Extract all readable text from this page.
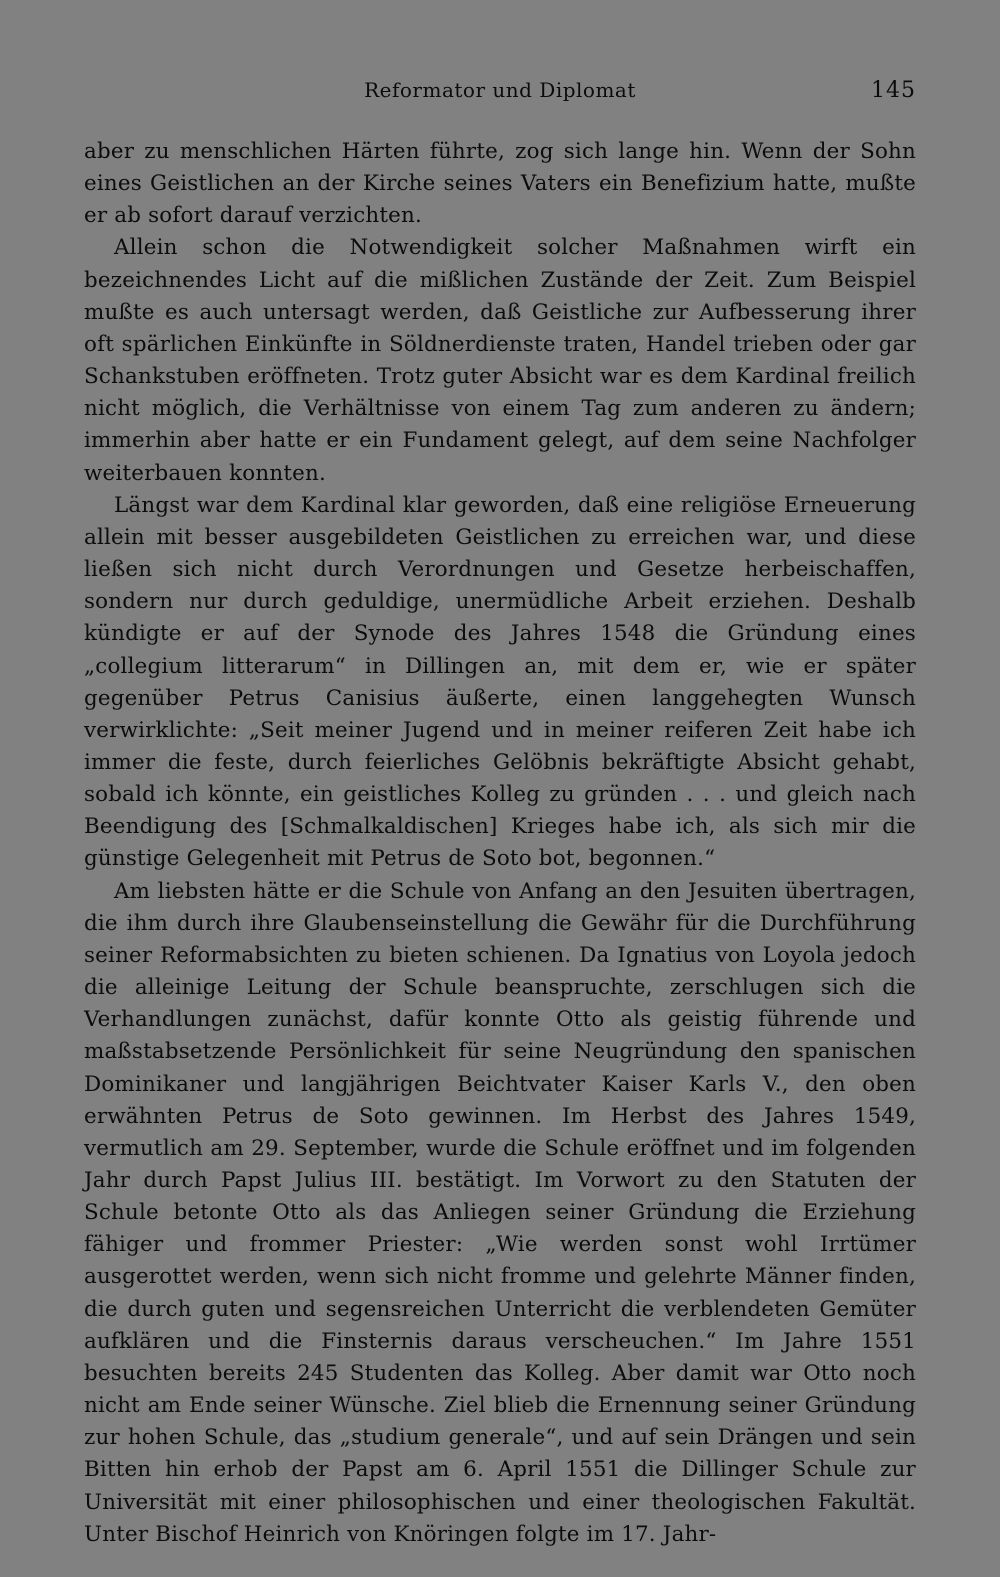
Reformator und Diplomat	145

aber zu menschlichen Härten führte, zog sich lange hin. Wenn der Sohn eines Geistlichen an der Kirche seines Vaters ein Benefizium hatte, mußte er ab sofort darauf verzichten.

Allein schon die Notwendigkeit solcher Maßnahmen wirft ein bezeichnendes Licht auf die mißlichen Zustände der Zeit. Zum Beispiel mußte es auch untersagt werden, daß Geistliche zur Aufbesserung ihrer oft spärlichen Einkünfte in Söldnerdienste traten, Handel trieben oder gar Schankstuben eröffneten. Trotz guter Absicht war es dem Kardinal freilich nicht möglich, die Verhältnisse von einem Tag zum anderen zu ändern; immerhin aber hatte er ein Fundament gelegt, auf dem seine Nachfolger weiterbauen konnten.

Längst war dem Kardinal klar geworden, daß eine religiöse Erneuerung allein mit besser ausgebildeten Geistlichen zu erreichen war, und diese ließen sich nicht durch Verordnungen und Gesetze herbeischaffen, sondern nur durch geduldige, unermüdliche Arbeit erziehen. Deshalb kündigte er auf der Synode des Jahres 1548 die Gründung eines „collegium litterarum“ in Dillingen an, mit dem er, wie er später gegenüber Petrus Canisius äußerte, einen langgehegten Wunsch verwirklichte: „Seit meiner Jugend und in meiner reiferen Zeit habe ich immer die feste, durch feierliches Gelöbnis bekräftigte Absicht gehabt, sobald ich könnte, ein geistliches Kolleg zu gründen . . . und gleich nach Beendigung des [Schmalkaldischen] Krieges habe ich, als sich mir die günstige Gelegenheit mit Petrus de Soto bot, begonnen.“

Am liebsten hätte er die Schule von Anfang an den Jesuiten übertragen, die ihm durch ihre Glaubenseinstellung die Gewähr für die Durchführung seiner Reformabsichten zu bieten schienen. Da Ignatius von Loyola jedoch die alleinige Leitung der Schule beanspruchte, zerschlugen sich die Verhandlungen zunächst, dafür konnte Otto als geistig führende und maßstabsetzende Persönlichkeit für seine Neugründung den spanischen Dominikaner und langjährigen Beichtvater Kaiser Karls V., den oben erwähnten Petrus de Soto gewinnen. Im Herbst des Jahres 1549, vermutlich am 29. September, wurde die Schule eröffnet und im folgenden Jahr durch Papst Julius III. bestätigt. Im Vorwort zu den Statuten der Schule betonte Otto als das Anliegen seiner Gründung die Erziehung fähiger und frommer Priester: „Wie werden sonst wohl Irrtümer ausgerottet werden, wenn sich nicht fromme und gelehrte Männer finden, die durch guten und segensreichen Unterricht die verblendeten Gemüter aufklären und die Finsternis daraus verscheuchen.“ Im Jahre 1551 besuchten bereits 245 Studenten das Kolleg. Aber damit war Otto noch nicht am Ende seiner Wünsche. Ziel blieb die Ernennung seiner Gründung zur hohen Schule, das „studium generale“, und auf sein Drängen und sein Bitten hin erhob der Papst am 6. April 1551 die Dillinger Schule zur Universität mit einer philosophischen und einer theologischen Fakultät. Unter Bischof Heinrich von Knöringen folgte im 17. Jahr-
